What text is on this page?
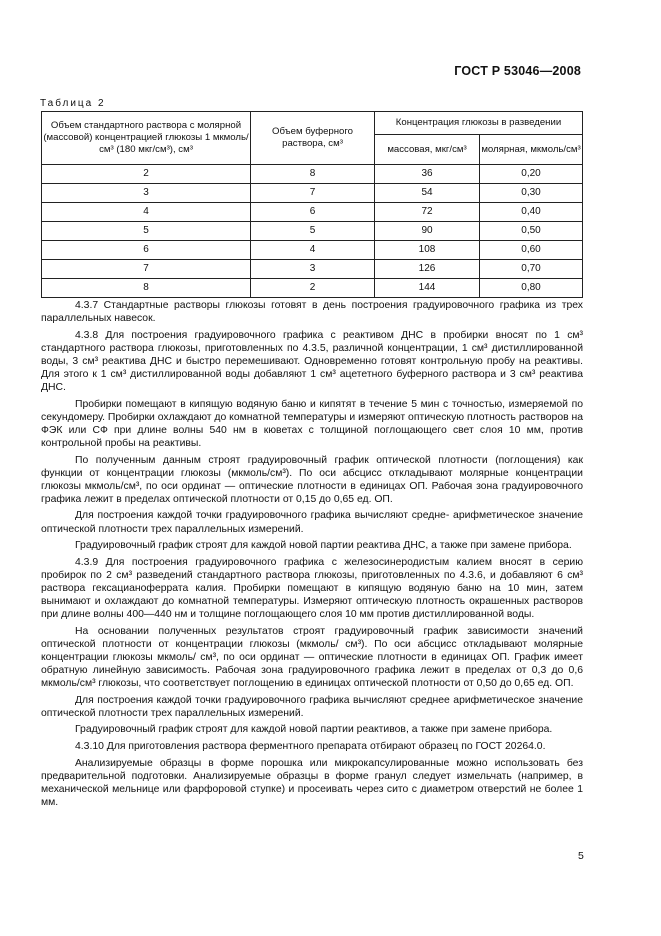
ГОСТ Р 53046—2008
Таблица 2
Объем стандартного раствора с молярной (массовой) концентрацией глюкозы 1 мкмоль/см³ (180 мкг/см³), см³	Объем буферного раствора, см³	Концентрация глюкозы в разведении	
		массовая, мкг/см³	молярная, мкмоль/см³
2	8	36	0,20
3	7	54	0,30
4	6	72	0,40
5	5	90	0,50
6	4	108	0,60
7	3	126	0,70
8	2	144	0,80

4.3.7 Стандартные растворы глюкозы готовят в день построения градуировочного графика из трех параллельных навесок.

4.3.8 Для построения градуировочного графика с реактивом ДНС в пробирки вносят по 1 см³ стандартного раствора глюкозы, приготовленных по 4.3.5, различной концентрации, 1 см³ дистиллированной воды, 3 см³ реактива ДНС и быстро перемешивают. Одновременно готовят контрольную пробу на реактивы. Для этого к 1 см³ дистиллированной воды добавляют 1 см³ ацететного буферного раствора и 3 см³ реактива ДНС.

Пробирки помещают в кипящую водяную баню и кипятят в течение 5 мин с точностью, измеряемой по секундомеру. Пробирки охлаждают до комнатной температуры и измеряют оптическую плотность растворов на ФЭК или СФ при длине волны 540 нм в кюветах с толщиной поглощающего свет слоя 10 мм, против контрольной пробы на реактивы.

По полученным данным строят градуировочный график оптической плотности (поглощения) как функции от концентрации глюкозы (мкмоль/см³). По оси абсцисс откладывают молярные концентрации глюкозы мкмоль/см³, по оси ординат — оптические плотности в единицах ОП. Рабочая зона градуировочного графика лежит в пределах оптической плотности от 0,15 до 0,65 ед. ОП.

Для построения каждой точки градуировочного графика вычисляют средне- арифметическое значение оптической плотности трех параллельных измерений.

Градуировочный график строят для каждой новой партии реактива ДНС, а также при замене прибора.

4.3.9 Для построения градуировочного графика с железосинеродистым калием вносят в серию пробирок по 2 см³ разведений стандартного раствора глюкозы, приготовленных по 4.3.6, и добавляют 6 см³ раствора гексацианоферрата калия. Пробирки помещают в кипящую водяную баню на 10 мин, затем вынимают и охлаждают до комнатной температуры. Измеряют оптическую плотность окрашенных растворов при длине волны 400—440 нм и толщине поглощающего слоя 10 мм против дистиллированной воды.

На основании полученных результатов строят градуировочный график зависимости значений оптической плотности от концентрации глюкозы (мкмоль/ см³). По оси абсцисс откладывают молярные концентрации глюкозы мкмоль/ см³, по оси ординат — оптические плотности в единицах ОП. График имеет обратную линейную зависимость. Рабочая зона градуировочного графика лежит в пределах от 0,3 до 0,6 мкмоль/см³ глюкозы, что соответствует поглощению в единицах оптической плотности от 0,50 до 0,65 ед. ОП.

Для построения каждой точки градуировочного графика вычисляют среднее арифметическое значение оптической плотности трех параллельных измерений.

Градуировочный график строят для каждой новой партии реактивов, а также при замене прибора.

4.3.10 Для приготовления раствора ферментного препарата отбирают образец по ГОСТ 20264.0.

Анализируемые образцы в форме порошка или микрокапсулированные можно использовать без предварительной подготовки. Анализируемые образцы в форме гранул следует измельчать (например, в механической мельнице или фарфоровой ступке) и просеивать через сито с диаметром отверстий не более 1 мм.

5
